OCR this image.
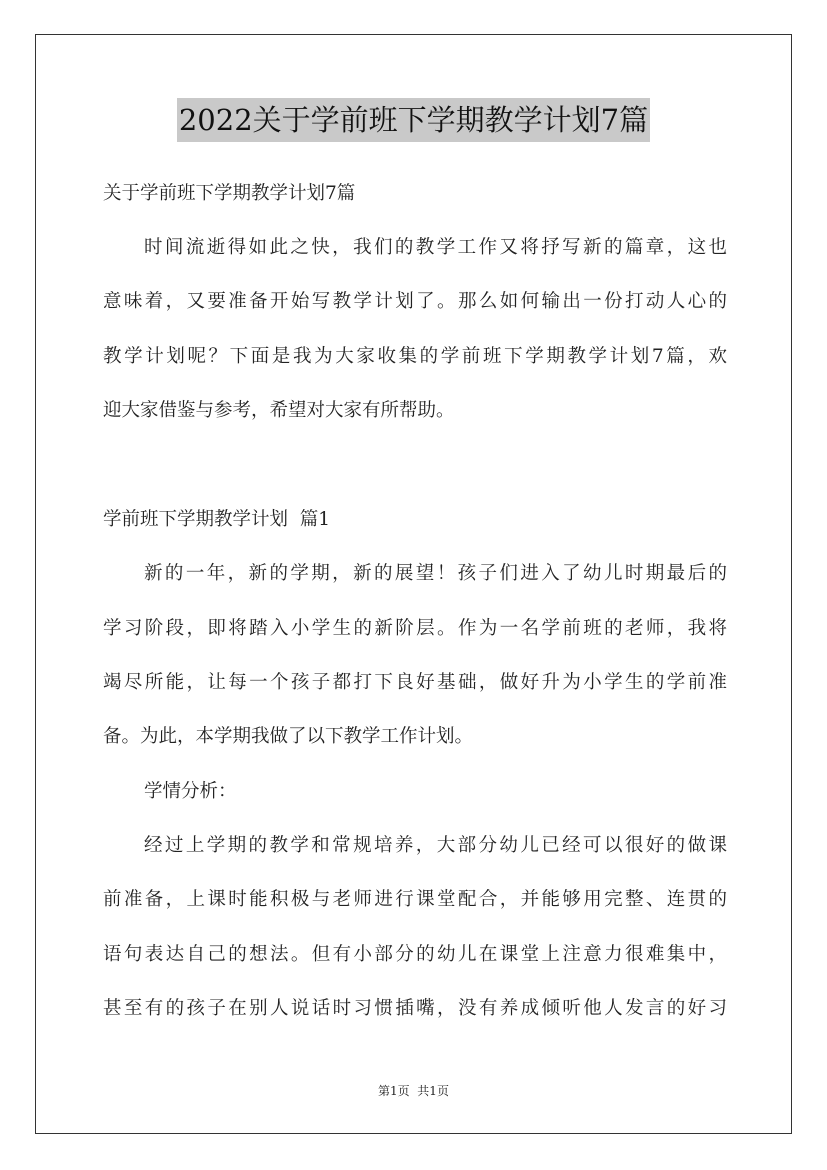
2022关于学前班下学期教学计划7篇
关于学前班下学期教学计划7篇
时间流逝得如此之快，我们的教学工作又将抒写新的篇章，这也
意味着，又要准备开始写教学计划了。那么如何输出一份打动人心的
教学计划呢？下面是我为大家收集的学前班下学期教学计划7篇，欢
迎大家借鉴与参考，希望对大家有所帮助。
学前班下学期教学计划  篇1
新的一年，新的学期，新的展望！孩子们进入了幼儿时期最后的
学习阶段，即将踏入小学生的新阶层。作为一名学前班的老师，我将
竭尽所能，让每一个孩子都打下良好基础，做好升为小学生的学前准
备。为此，本学期我做了以下教学工作计划。
学情分析：
经过上学期的教学和常规培养，大部分幼儿已经可以很好的做课
前准备，上课时能积极与老师进行课堂配合，并能够用完整、连贯的
语句表达自己的想法。但有小部分的幼儿在课堂上注意力很难集中，
甚至有的孩子在别人说话时习惯插嘴，没有养成倾听他人发言的好习
第1页  共1页
